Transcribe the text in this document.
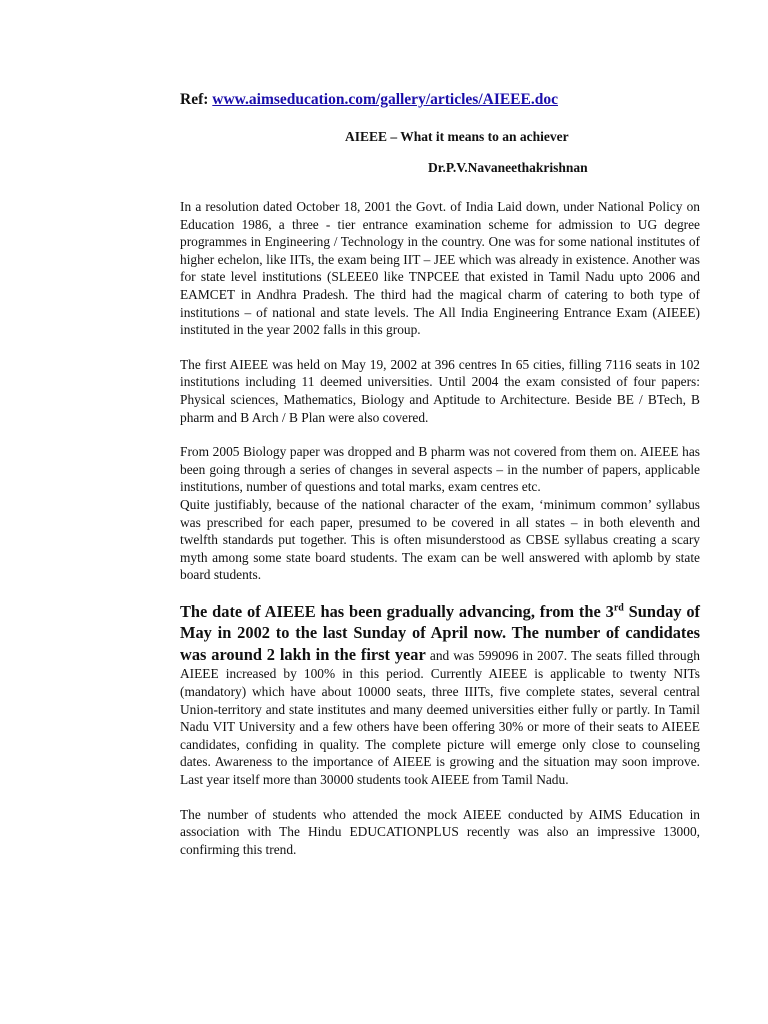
Ref: www.aimseducation.com/gallery/articles/AIEEE.doc

AIEEE – What it means to an achiever

Dr.P.V.Navaneethakrishnan

In a resolution dated October 18, 2001 the Govt. of India Laid down, under National Policy on Education 1986, a three - tier entrance examination scheme for admission to UG degree programmes in Engineering / Technology in the country. One was for some national institutes of higher echelon, like IITs, the exam being IIT – JEE which was already in existence. Another was for state level institutions (SLEEE0 like TNPCEE that existed in Tamil Nadu upto 2006 and EAMCET in Andhra Pradesh. The third had the magical charm of catering to both type of institutions – of national and state levels. The All India Engineering Entrance Exam (AIEEE) instituted in the year 2002 falls in this group.

The first AIEEE was held on May 19, 2002 at 396 centres In 65 cities, filling 7116 seats in 102 institutions including 11 deemed universities. Until 2004 the exam consisted of four papers: Physical sciences, Mathematics, Biology and Aptitude to Architecture. Beside BE / BTech, B pharm and B Arch / B Plan were also covered.

From 2005 Biology paper was dropped and B pharm was not covered from them on. AIEEE has been going through a series of changes in several aspects – in the number of papers, applicable institutions, number of questions and total marks, exam centres etc.

Quite justifiably, because of the national character of the exam, ‘minimum common’ syllabus was prescribed for each paper, presumed to be covered in all states – in both eleventh and twelfth standards put together. This is often misunderstood as CBSE syllabus creating a scary myth among some state board students. The exam can be well answered with aplomb by state board students.

The date of AIEEE has been gradually advancing, from the 3rd Sunday of May in 2002 to the last Sunday of April now. The number of candidates was around 2 lakh in the first year and was 599096 in 2007. The seats filled through AIEEE increased by 100% in this period. Currently AIEEE is applicable to twenty NITs (mandatory) which have about 10000 seats, three IIITs, five complete states, several central Union-territory and state institutes and many deemed universities either fully or partly. In Tamil Nadu VIT University and a few others have been offering 30% or more of their seats to AIEEE candidates, confiding in quality. The complete picture will emerge only close to counseling dates. Awareness to the importance of AIEEE is growing and the situation may soon improve. Last year itself more than 30000 students took AIEEE from Tamil Nadu.

The number of students who attended the mock AIEEE conducted by AIMS Education in association with The Hindu EDUCATIONPLUS recently was also an impressive 13000, confirming this trend.
